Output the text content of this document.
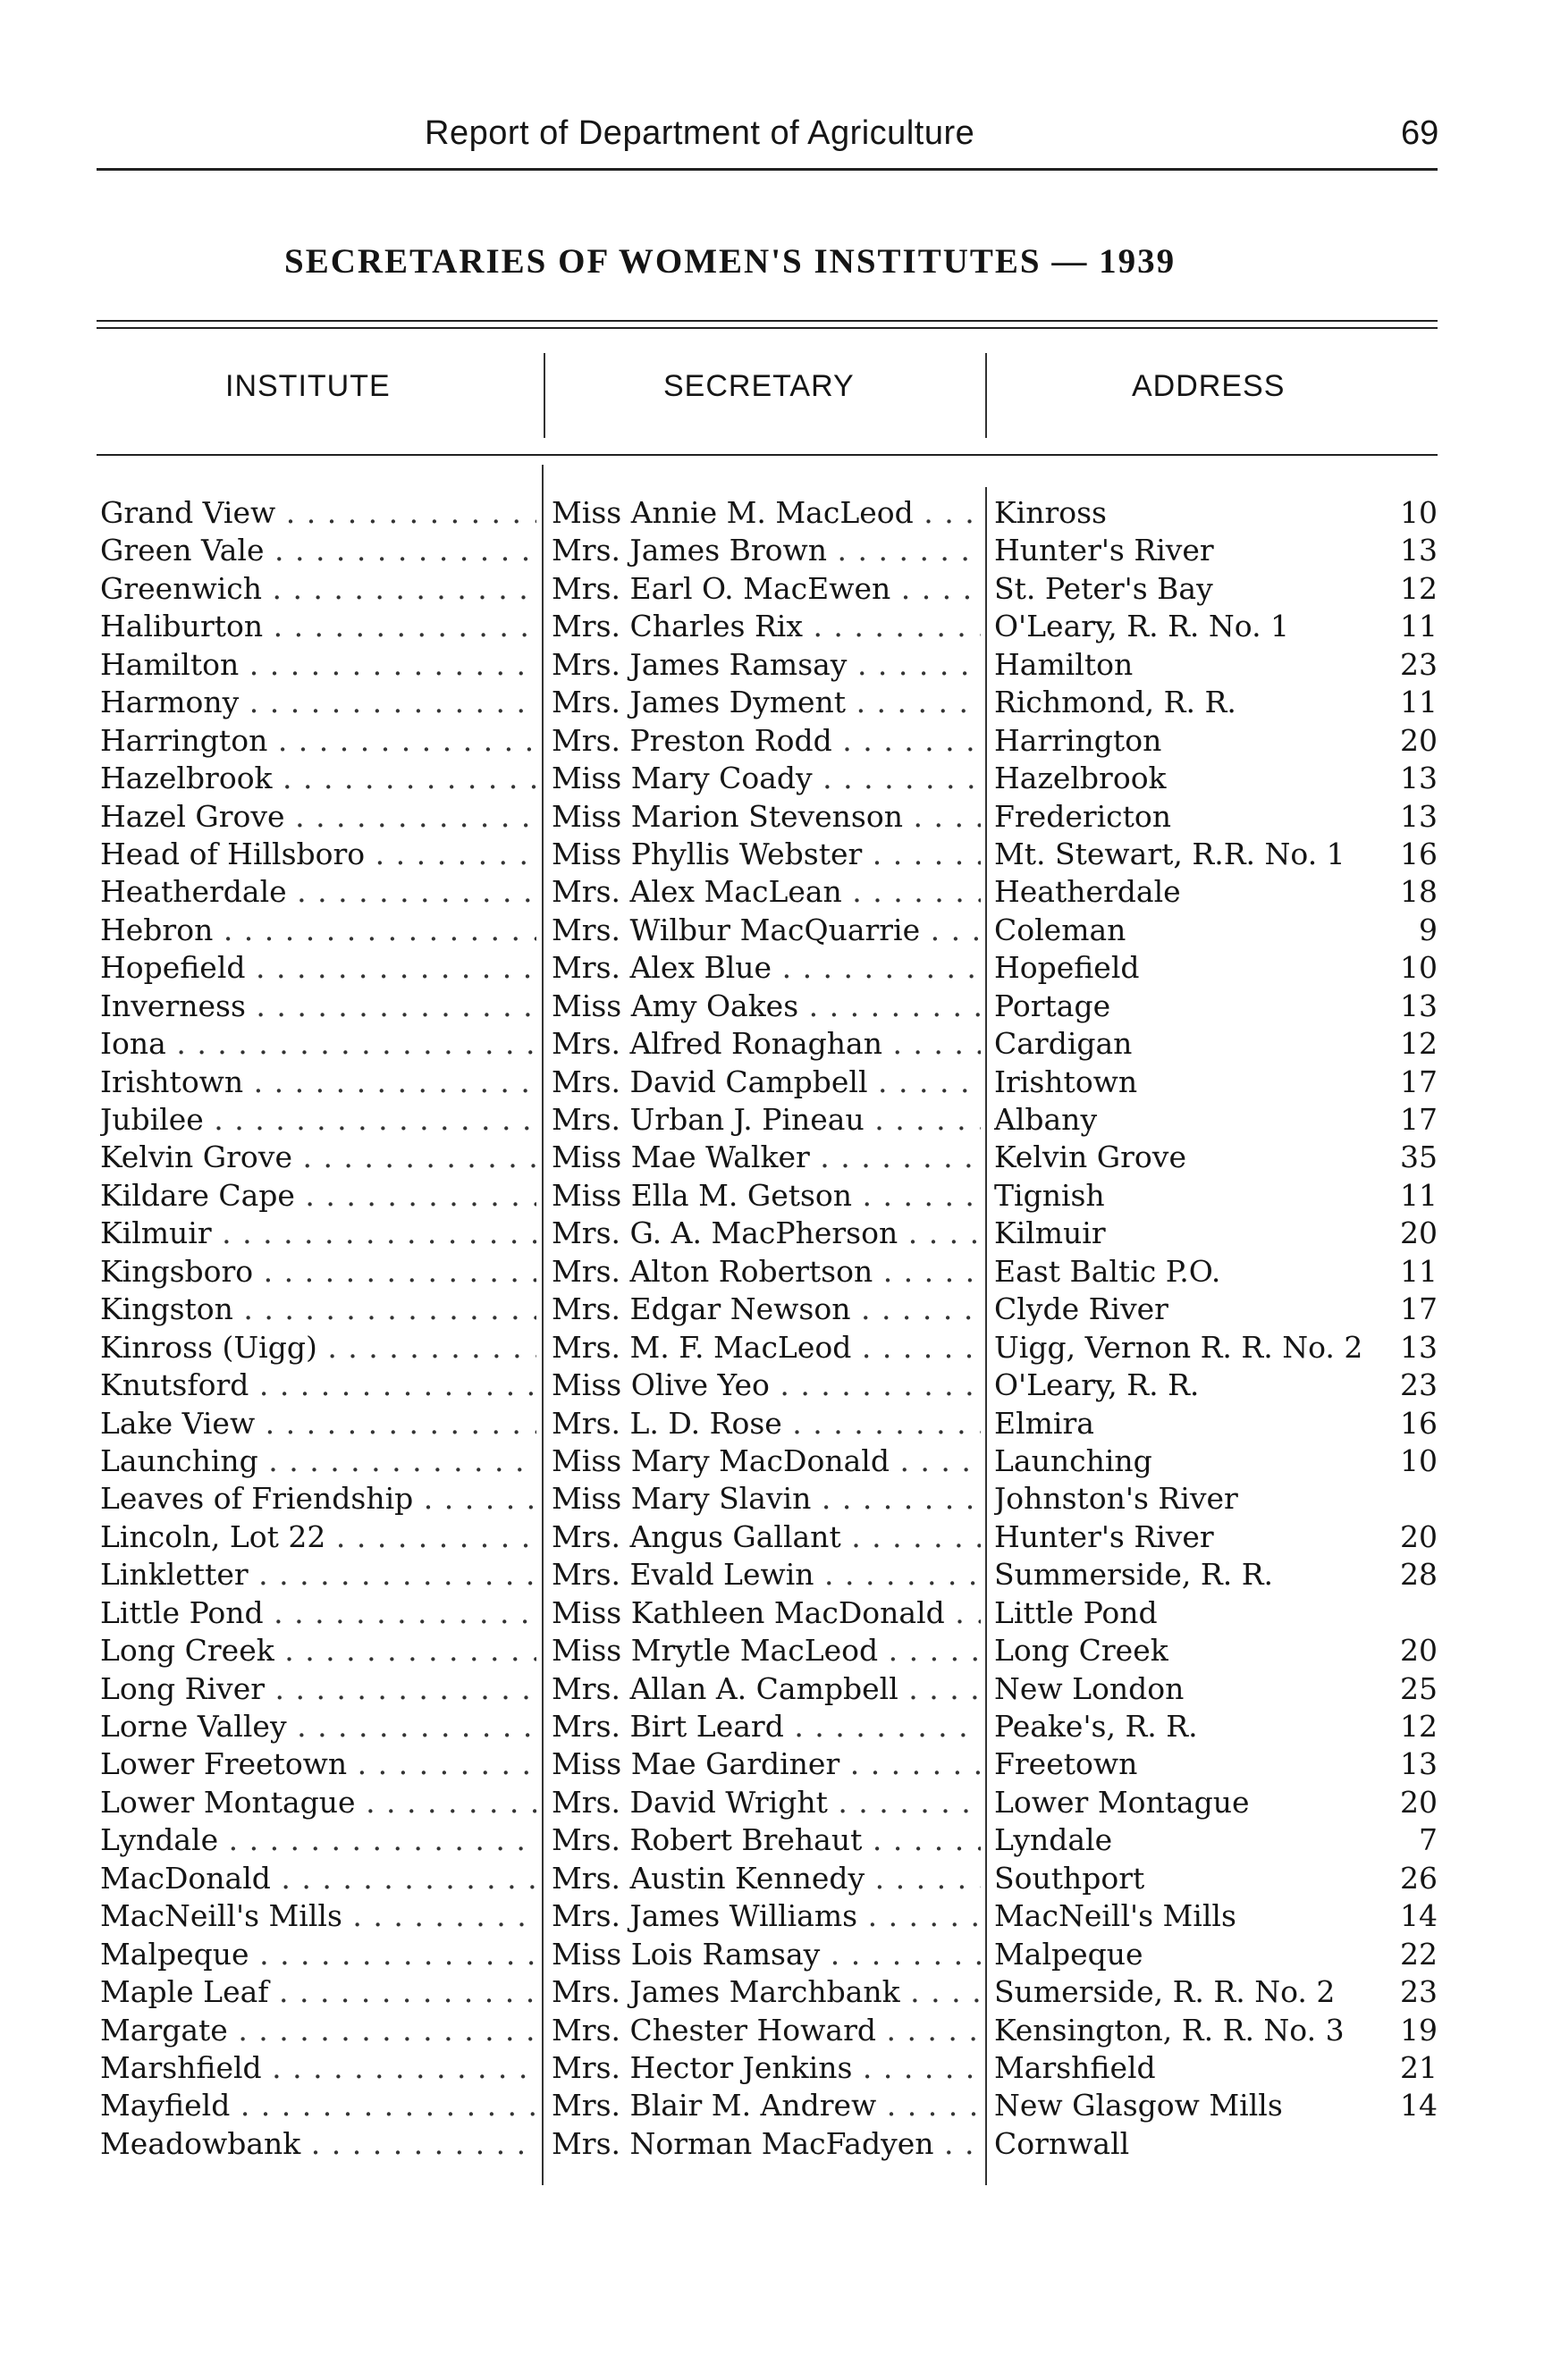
Report of Department of Agriculture	69
SECRETARIES OF WOMEN'S INSTITUTES — 1939
INSTITUTE	SECRETARY	ADDRESS
Grand View . . .	Miss Annie M. MacLeod . . .	Kinross	10
Green Vale . . .	Mrs. James Brown . . .	Hunter's River	13
Greenwich . . .	Mrs. Earl O. MacEwen . . .	St. Peter's Bay	12
Haliburton . . .	Mrs. Charles Rix . . .	O'Leary, R. R. No. 1	11
Hamilton . . .	Mrs. James Ramsay . . .	Hamilton	23
Harmony . . .	Mrs. James Dyment . . .	Richmond, R. R.	11
Harrington . . .	Mrs. Preston Rodd . . .	Harrington	20
Hazelbrook . . .	Miss Mary Coady . . .	Hazelbrook	13
Hazel Grove . . .	Miss Marion Stevenson . . .	Fredericton	13
Head of Hillsboro . . .	Miss Phyllis Webster . . .	Mt. Stewart, R.R. No. 1	16
Heatherdale . . .	Mrs. Alex MacLean . . .	Heatherdale	18
Hebron . . .	Mrs. Wilbur MacQuarrie . . .	Coleman	9
Hopefield . . .	Mrs. Alex Blue . . .	Hopefield	10
Inverness . . .	Miss Amy Oakes . . .	Portage	13
Iona . . .	Mrs. Alfred Ronaghan . . .	Cardigan	12
Irishtown . . .	Mrs. David Campbell . . .	Irishtown	17
Jubilee . . .	Mrs. Urban J. Pineau . . .	Albany	17
Kelvin Grove . . .	Miss Mae Walker . . .	Kelvin Grove	35
Kildare Cape . . .	Miss Ella M. Getson . . .	Tignish	11
Kilmuir . . .	Mrs. G. A. MacPherson . . .	Kilmuir	20
Kingsboro . . .	Mrs. Alton Robertson . . .	East Baltic P.O.	11
Kingston . . .	Mrs. Edgar Newson . . .	Clyde River	17
Kinross (Uigg) . . .	Mrs. M. F. MacLeod . . .	Uigg, Vernon R. R. No. 2	13
Knutsford . . .	Miss Olive Yeo . . .	O'Leary, R. R.	23
Lake View . . .	Mrs. L. D. Rose . . .	Elmira	16
Launching . . .	Miss Mary MacDonald . . .	Launching	10
Leaves of Friendship . . .	Miss Mary Slavin . . .	Johnston's River
Lincoln, Lot 22 . . .	Mrs. Angus Gallant . . .	Hunter's River	20
Linkletter . . .	Mrs. Evald Lewin . . .	Summerside, R. R.	28
Little Pond . . .	Miss Kathleen MacDonald . . .	Little Pond
Long Creek . . .	Miss Mrytle MacLeod . . .	Long Creek	20
Long River . . .	Mrs. Allan A. Campbell . . .	New London	25
Lorne Valley . . .	Mrs. Birt Leard . . .	Peake's, R. R.	12
Lower Freetown . . .	Miss Mae Gardiner . . .	Freetown	13
Lower Montague . . .	Mrs. David Wright . . .	Lower Montague	20
Lyndale . . .	Mrs. Robert Brehaut . . .	Lyndale	7
MacDonald . . .	Mrs. Austin Kennedy . . .	Southport	26
MacNeill's Mills . . .	Mrs. James Williams . . .	MacNeill's Mills	14
Malpeque . . .	Miss Lois Ramsay . . .	Malpeque	22
Maple Leaf . . .	Mrs. James Marchbank . . .	Sumerside, R. R. No. 2	23
Margate . . .	Mrs. Chester Howard . . .	Kensington, R. R. No. 3	19
Marshfield . . .	Mrs. Hector Jenkins . . .	Marshfield	21
Mayfield . . .	Mrs. Blair M. Andrew . . .	New Glasgow Mills	14
Meadowbank . . .	Mrs. Norman MacFadyen . . .	Cornwall
